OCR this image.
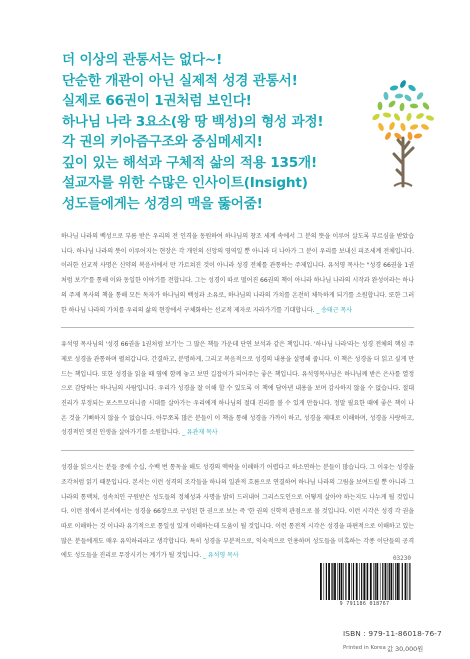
더 이상의 관통서는 없다~!
단순한 개관이 아닌 실제적 성경 관통서!
실제로 66권이 1권처럼 보인다!
하나님 나라 3요소(왕 땅 백성)의 형성 과정!
각 권의 키아즘구조와 중심메세지!
깊이 있는 해석과 구체적 삶의 적용 135개!
설교자를 위한 수많은 인사이트(Insight)
성도들에게는 성경의 맥을 뚫어줌!
하나님 나라의 백성으로 부름 받은 우리의 전 인격을 동원하여 하나님의 창조 세계 속에서 그 분의 뜻을 이루어 살도록 부르심을 받았습니다. 하나님 나라의 뜻이 이루어지는 현장은 각 개인의 신앙의 영역일 뿐 아니라 더 나아가 그 분이 우리를 보내신 피조세계 전체입니다. 이러한 선교적 사명은 신약의 복음서에서 만 가르쳐진 것이 아니라 성경 전체를 관통하는 주제입니다. 유석영 목사는 "성경 66권을 1권처럼 보기"를 통해 이와 동일한 이야기를 전합니다. 그는 성경이 따로 떨어진 66권의 책이 아니라 하나님 나라의 시작과 완성이라는 하나의 주제 목사의 책을 통해 모든 독자가 하나님의 백성과 소유로, 하나님의 나라의 가치를 온전히 체득하게 되기를 소원합니다. 또한 그러한 하나님 나라의 가치를 우리의 삶의 현장에서 구체화하는 선교적 제자로 자라가기를 기대합니다. _ 송태근 목사
유석영 목사님의 '성경 66권을 1권처럼 보기'는 그 많은 책들 가운데 단연 보석과 같은 책입니다. '하나님 나라'라는 성경 전체의 핵심 주제로 성경을 관통하며 펼쳐갑니다. 간결하고, 분명하게, 그리고 복음적으로 성경의 내용을 설명해 줍니다. 이 책은 성경을 더 읽고 싶게 만드는 책입니다. 또한 성경을 읽을 때 옆에 함께 놓고 보면 길잡이가 되어주는 좋은 책입니다. 유석영목사님은 하나님께 받은 은사를 열정으로 감당하는 하나님의 사람입니다. 우리가 성경을 잘 이해 할 수 있도록 이 책에 담아낸 내용을 보며 감사하지 않을 수 없습니다. 절대 진리가 부정되는 포스트모더니즘 시대를 살아가는 우리에게 하나님의 절대 진리를 볼 수 있게 만듭니다. 정말 필요한 때에 좋은 책이 나온 것을 기뻐하지 않을 수 없습니다. 아무쪼록 많은 분들이 이 책을 통해 성경을 가까이 하고, 성경을 제대로 이해하며, 성경을 사랑하고, 성경적인 멋진 인생을 살아가기를 소원합니다. _ 유관재 목사
성경을 읽으시는 분들 중에 수십, 수백 번 통독을 해도 성경의 맥락을 이해하기 어렵다고 하소연하는 분들이 많습니다. 그 이유는 성경을 조각처럼 읽기 때문입니다. 본서는 이런 성격의 조각들을 하나의 일관적 흐름으로 연결하여 하나님 나라의 그림을 보여드릴 뿐 아니라 그 나라의 통맥처, 성속치인 구원받은 성도들의 정체성과 사명을 밝히 드러내어 그리스도인으로 어떻게 살아야 하는지도 나누게 될 것입니다. 이런 점에서 본서에서는 성경을 66장으로 구성된 한 권으로 보는 즉 '한 권의 신학적 관점으로 볼 것입니다. 이런 시각은 성경 각 권을 따로 이해하는 것 이나라 유기적으로 통일성 있게 이해하는데 도움이 될 것입니다. 이런 통전적 시각은 성경을 파편적으로 이해하고 있는 많은 분들에게도 매우 유익하리라고 생각합니다. 특히 성경을 부분적으로, 익숙적으로 인용하며 성도들을 미혹하는 각종 이단들의 공격에도 성도들을 진리로 무장시키는 계기가 될 것입니다. _ 유석영 목사	03230
9 791186 018767
ISBN : 979-11-86018-76-7
Printed in Korea 값 30,000원
